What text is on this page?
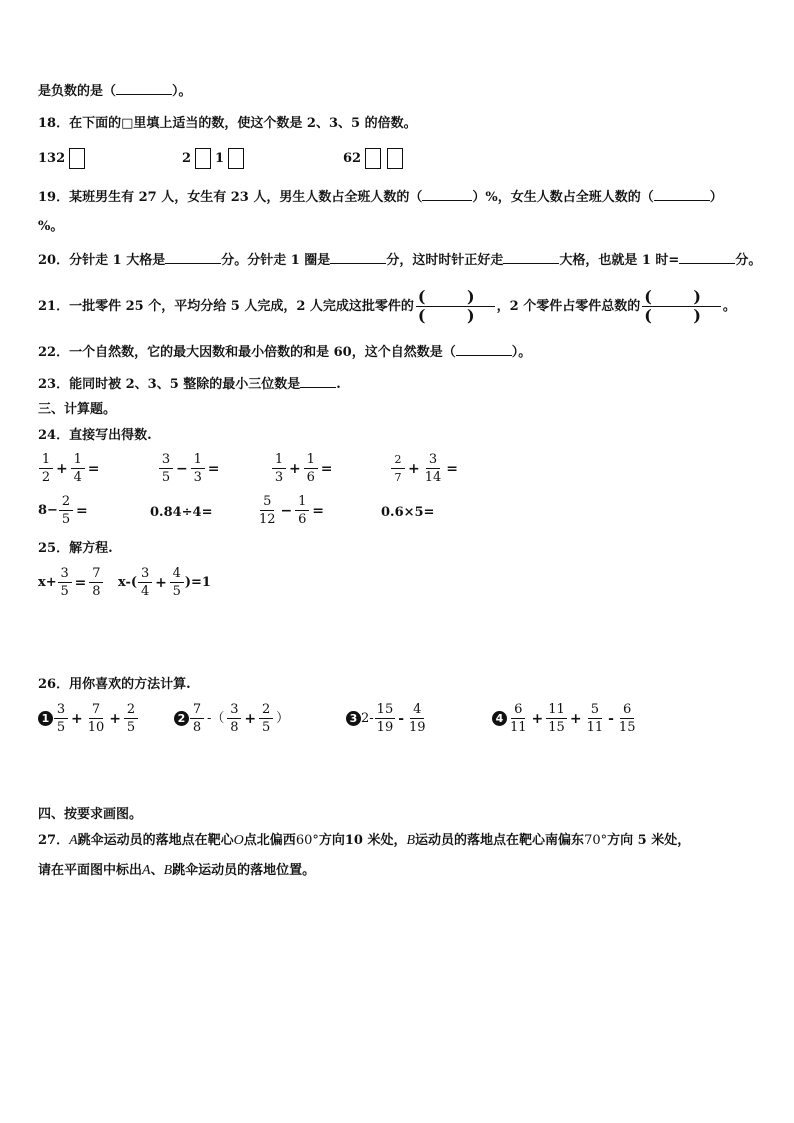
是负数的是（	）。
18．在下面的□里填上适当的数，使这个数是 2、3、5 的倍数。
132	2 1	62
19．某班男生有 27 人，女生有 23 人，男生人数占全班人数的（	）%，女生人数占全班人数的（	）
%。
20．分针走 1 大格是	分。分针走 1 圈是	分，这时时针正好走	大格，也就是 1 时=	分。
21．一批零件 25 个，平均分给 5 人完成，2 人完成这批零件的
( )
( ) ，2 个零件占零件总数的
( )
( ) 。
22．一个自然数，它的最大因数和最小倍数的和是 60，这个自然数是（	）。
23．能同时被 2、3、5 整除的最小三位数是	.
三、计算题。
24．直接写出得数.
$\frac{1}{2} + \frac{1}{4}$ =	$\frac{3}{5} - \frac{1}{3}$ =	$\frac{1}{3} + \frac{1}{6}$ =	$\frac{2}{7} + \frac{3}{14}$ =
$8- \frac{2}{5}$ =	0.84÷4=	$\frac{5}{12} - \frac{1}{6}$ =	0.6×5=
25．解方程.
$x+ \frac{3}{5} = \frac{7}{8} x-( \frac{3}{4} + \frac{4}{5} )=1$
26．用你喜欢的方法计算.
$1 \frac{3}{5} + \frac{7}{10} + \frac{2}{5}$	$2 \frac{7}{8}$ -（ $\frac{3}{8} + \frac{2}{5}$ ）	3 $2- \frac{15}{19} - \frac{4}{19}$	$4 \frac{6}{11} + \frac{11}{15} + \frac{5}{11} - \frac{6}{15}$
四、按要求画图。
27．A跳伞运动员的落地点在靶心O点北偏西60°方向10 米处，B运动员的落地点在靶心南偏东70°方向 5 米处，
请在平面图中标出A、B跳伞运动员的落地位置。
